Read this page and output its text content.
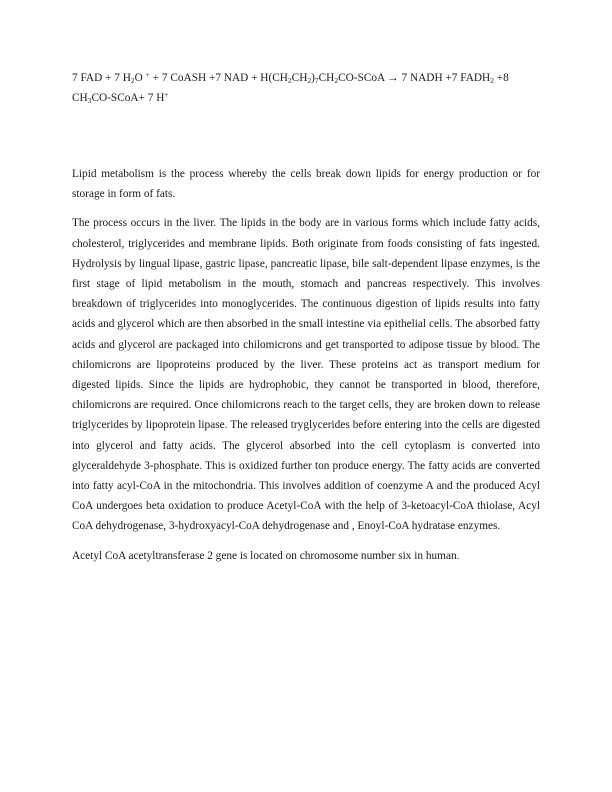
7 FAD + 7 $H_2O$ + + 7 CoASH +7 NAD + $H(CH_2CH_2)_7CH_2CO$-SCoA → 7 NADH +7 $FADH_2 +8$ $CH_3CO-SCoA+ 7$ H+

Lipid metabolism is the process whereby the cells break down lipids for energy production or for storage in form of fats.

The process occurs in the liver. The lipids in the body are in various forms which include fatty acids, cholesterol, triglycerides and membrane lipids. Both originate from foods consisting of fats ingested. Hydrolysis by lingual lipase, gastric lipase, pancreatic lipase, bile salt-dependent lipase enzymes, is the first stage of lipid metabolism in the mouth, stomach and pancreas respectively. This involves breakdown of triglycerides into monoglycerides. The continuous digestion of lipids results into fatty acids and glycerol which are then absorbed in the small intestine via epithelial cells. The absorbed fatty acids and glycerol are packaged into chilomicrons and get transported to adipose tissue by blood. The chilomicrons are lipoproteins produced by the liver. These proteins act as transport medium for digested lipids. Since the lipids are hydrophobic, they cannot be transported in blood, therefore, chilomicrons are required. Once chilomicrons reach to the target cells, they are broken down to release triglycerides by lipoprotein lipase. The released tryglycerides before entering into the cells are digested into glycerol and fatty acids. The glycerol absorbed into the cell cytoplasm is converted into glyceraldehyde 3-phosphate. This is oxidized further ton produce energy. The fatty acids are converted into fatty acyl-CoA in the mitochondria. This involves addition of coenzyme A and the produced Acyl CoA undergoes beta oxidation to produce Acetyl-CoA with the help of 3-ketoacyl-CoA thiolase, Acyl CoA dehydrogenase, 3-hydroxyacyl-CoA dehydrogenase and , Enoyl-CoA hydratase enzymes.

Acetyl CoA acetyltransferase 2 gene is located on chromosome number six in human.
